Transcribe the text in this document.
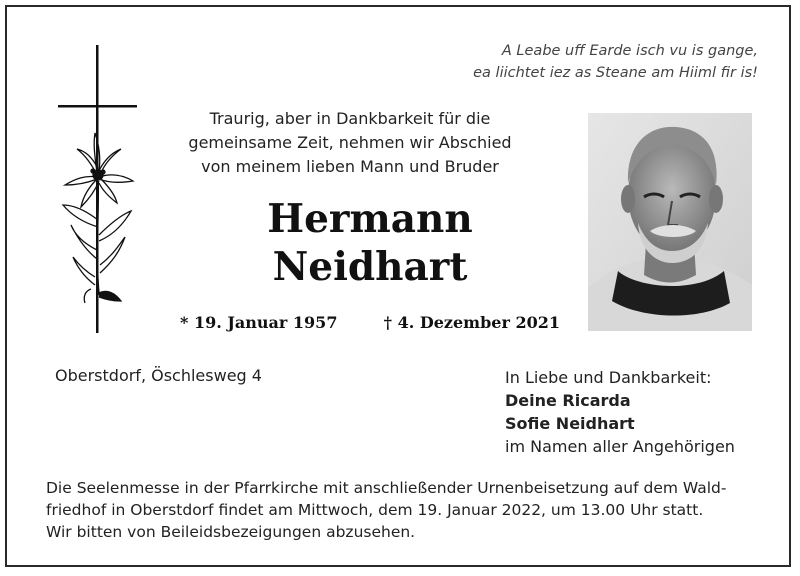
A Leabe uff Earde isch vu is gange,
ea liichtet iez as Steane am Hiiml fir is!
Traurig, aber in Dankbarkeit für die
gemeinsame Zeit, nehmen wir Abschied
von meinem lieben Mann und Bruder
Hermann
Neidhart
* 19. Januar 1957	† 4. Dezember 2021
Oberstdorf, Öschlesweg 4	In Liebe und Dankbarkeit:
Deine Ricarda
Sofie Neidhart
im Namen aller Angehörigen
Die Seelenmesse in der Pfarrkirche mit anschließender Urnenbeisetzung auf dem Wald-
friedhof in Oberstdorf findet am Mittwoch, dem 19. Januar 2022, um 13.00 Uhr statt.
Wir bitten von Beileidsbezeigungen abzusehen.
